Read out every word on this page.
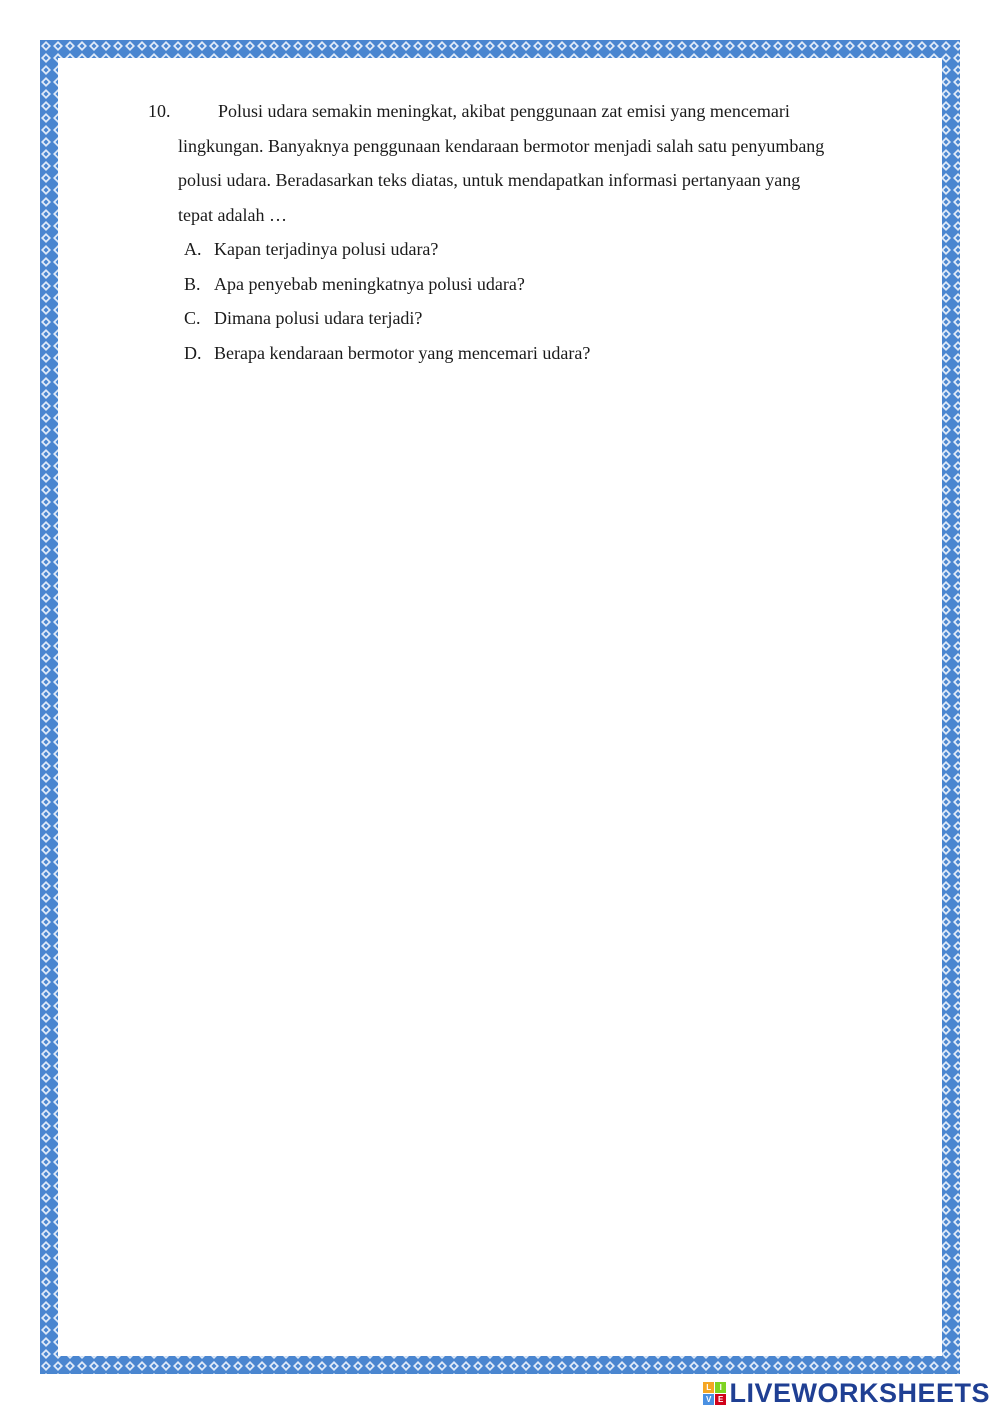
10.	Polusi udara semakin meningkat, akibat penggunaan zat emisi yang mencemari
lingkungan. Banyaknya penggunaan kendaraan bermotor menjadi salah satu penyumbang
polusi udara. Beradasarkan teks diatas, untuk mendapatkan informasi pertanyaan yang
tepat adalah …
A. Kapan terjadinya polusi udara?
B. Apa penyebab meningkatnya polusi udara?
C. Dimana polusi udara terjadi?
D. Berapa kendaraan bermotor yang mencemari udara?
L I
V E LIVEWORKSHEETS
